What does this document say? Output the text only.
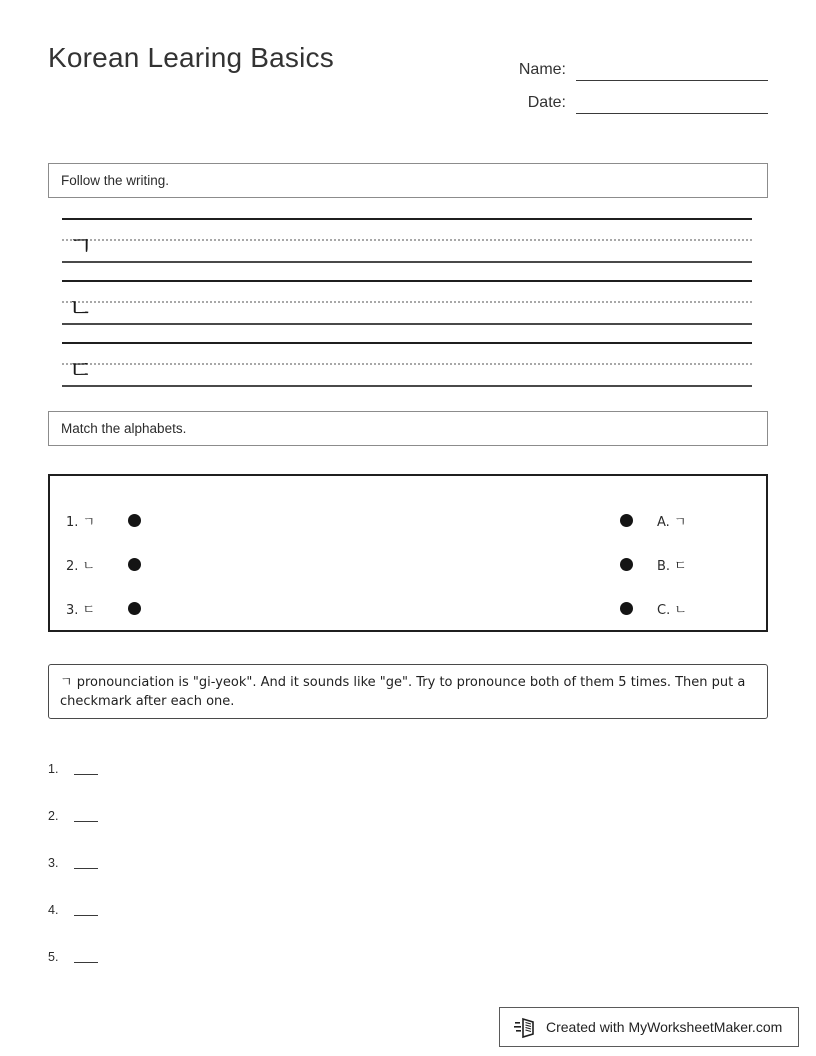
Korean Learing Basics	Name:
Date:
Follow the writing.
ㄱ
ㄴ
ㄷ
Match the alphabets.
1. ㄱ
2. ㄴ
3. ㄷ
A. ㄱ
B. ㄷ
C. ㄴ
ㄱ pronounciation is "gi-yeok". And it sounds like "ge". Try to pronounce both of them 5 times. Then put a checkmark after each one.
1.
2.
3.
4.
5.
Created with MyWorksheetMaker.com
